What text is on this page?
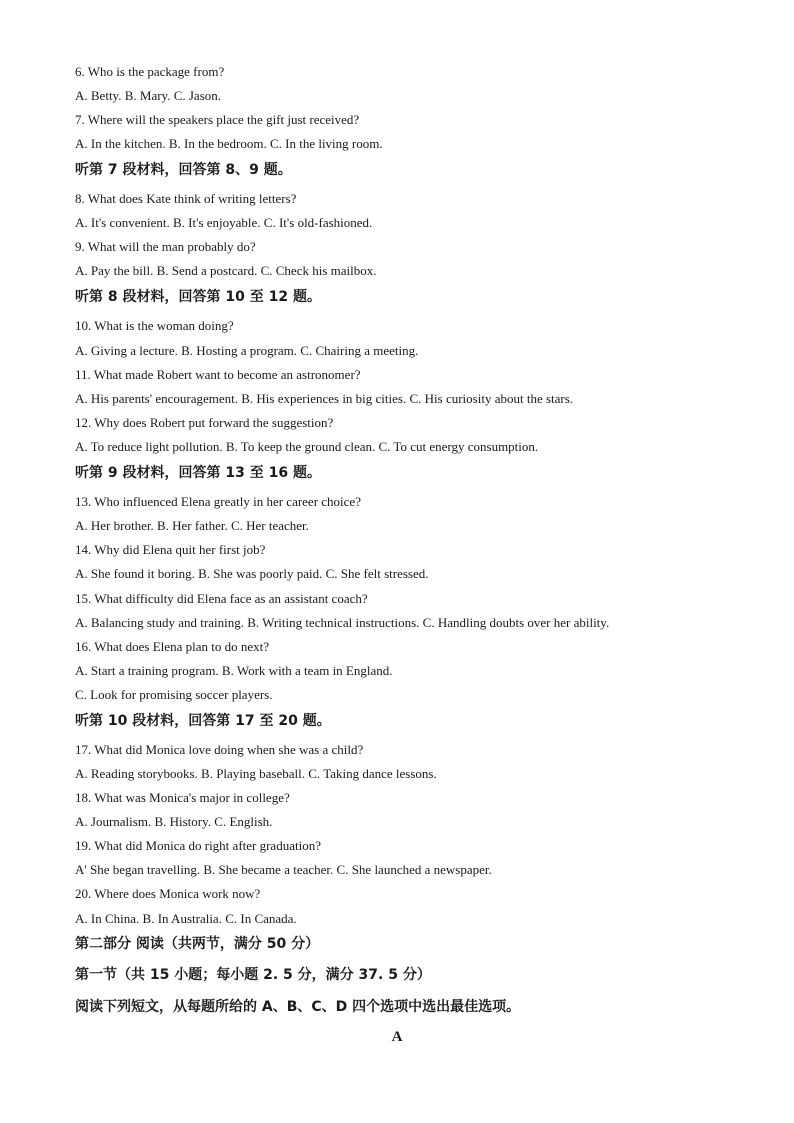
6. Who is the package from?
A. Betty. B. Mary. C. Jason.
7. Where will the speakers place the gift just received?
A. In the kitchen. B. In the bedroom. C. In the living room.
听第 7 段材料，回答第 8、9 题。
8. What does Kate think of writing letters?
A. It's convenient. B. It's enjoyable. C. It's old-fashioned.
9. What will the man probably do?
A. Pay the bill. B. Send a postcard. C. Check his mailbox.
听第 8 段材料，回答第 10 至 12 题。
10. What is the woman doing?
A. Giving a lecture. B. Hosting a program. C. Chairing a meeting.
11. What made Robert want to become an astronomer?
A. His parents' encouragement. B. His experiences in big cities. C. His curiosity about the stars.
12. Why does Robert put forward the suggestion?
A. To reduce light pollution. B. To keep the ground clean. C. To cut energy consumption.
听第 9 段材料，回答第 13 至 16 题。
13. Who influenced Elena greatly in her career choice?
A. Her brother. B. Her father. C. Her teacher.
14. Why did Elena quit her first job?
A. She found it boring. B. She was poorly paid. C. She felt stressed.
15. What difficulty did Elena face as an assistant coach?
A. Balancing study and training. B. Writing technical instructions. C. Handling doubts over her ability.
16. What does Elena plan to do next?
A. Start a training program. B. Work with a team in England.
C. Look for promising soccer players.
听第 10 段材料，回答第 17 至 20 题。
17. What did Monica love doing when she was a child?
A. Reading storybooks. B. Playing baseball. C. Taking dance lessons.
18. What was Monica's major in college?
A. Journalism. B. History. C. English.
19. What did Monica do right after graduation?
A' She began travelling. B. She became a teacher. C. She launched a newspaper.
20. Where does Monica work now?
A. In China. B. In Australia. C. In Canada.
第二部分 阅读（共两节，满分 50 分）
第一节（共 15 小题；每小题 2. 5 分，满分 37. 5 分）
阅读下列短文，从每题所给的 A、B、C、D 四个选项中选出最佳选项。
A
